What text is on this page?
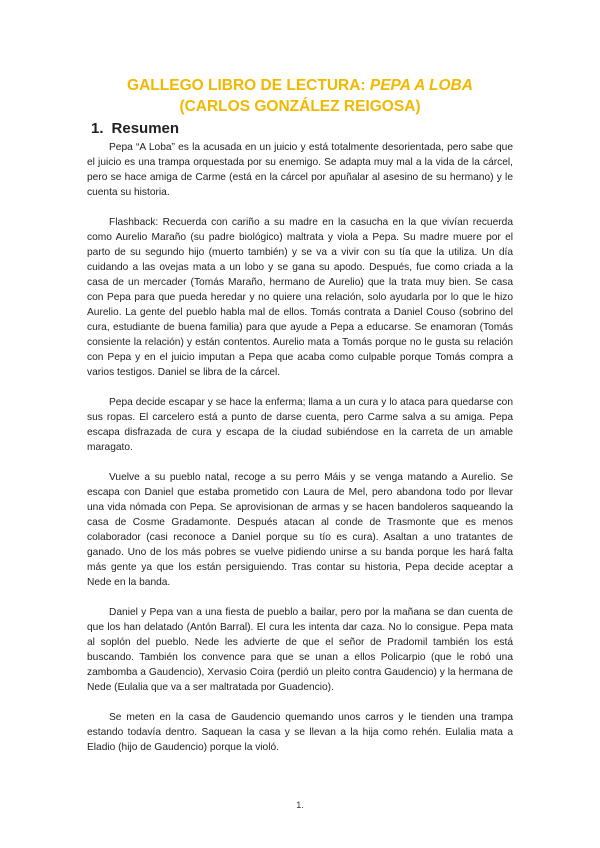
GALLEGO LIBRO DE LECTURA: PEPA A LOBA
(CARLOS GONZÁLEZ REIGOSA)
1. Resumen

Pepa “A Loba” es la acusada en un juicio y está totalmente desorientada, pero sabe que el juicio es una trampa orquestada por su enemigo. Se adapta muy mal a la vida de la cárcel, pero se hace amiga de Carme (está en la cárcel por apuñalar al asesino de su hermano) y le cuenta su historia.

Flashback: Recuerda con cariño a su madre en la casucha en la que vivían recuerda como Aurelio Marаño (su padre biológico) maltrata y viola a Pepa. Su madre muere por el parto de su segundo hijo (muerto también) y se va a vivir con su tía que la utiliza. Un día cuidando a las ovejas mata a un lobo y se gana su apodo. Después, fue como criada a la casa de un mercader (Tomás Marаño, hermano de Aurelio) que la trata muy bien. Se casa con Pepa para que pueda heredar y no quiere una relación, solo ayudarla por lo que le hizo Aurelio. La gente del pueblo habla mal de ellos. Tomás contrata a Daniel Couso (sobrino del cura, estudiante de buena familia) para que ayude a Pepa a educarse. Se enamoran (Tomás consiente la relación) y están contentos. Aurelio mata a Tomás porque no le gusta su relación con Pepa y en el juicio imputan a Pepa que acaba como culpable porque Tomás compra a varios testigos. Daniel se libra de la cárcel.

Pepa decide escapar y se hace la enferma; llama a un cura y lo ataca para quedarse con sus ropas. El carcelero está a punto de darse cuenta, pero Carme salva a su amiga. Pepa escapa disfrazada de cura y escapa de la ciudad subiéndose en la carreta de un amable maragato.

Vuelve a su pueblo natal, recoge a su perro Máis y se venga matando a Aurelio. Se escapa con Daniel que estaba prometido con Laura de Mel, pero abandona todo por llevar una vida nómada con Pepa. Se aprovisionan de armas y se hacen bandoleros saqueando la casa de Cosme Gradamonte. Después atacan al conde de Trasmonte que es menos colaborador (casi reconoce a Daniel porque su tío es cura). Asaltan a uno tratantes de ganado. Uno de los más pobres se vuelve pidiendo unirse a su banda porque les hará falta más gente ya que los están persiguiendo. Tras contar su historia, Pepa decide aceptar a Nede en la banda.

Daniel y Pepa van a una fiesta de pueblo a bailar, pero por la mañana se dan cuenta de que los han delatado (Antón Barral). El cura les intenta dar caza. No lo consigue. Pepa mata al soplón del pueblo. Nede les advierte de que el señor de Pradomil también los está buscando. También los convence para que se unan a ellos Policarpio (que le robó una zambomba a Gaudencio), Xervasio Coira (perdió un pleito contra Gaudencio) y la hermana de Nede (Eulalia que va a ser maltratada por Guadencio).

Se meten en la casa de Gaudencio quemando unos carros y le tienden una trampa estando todavía dentro. Saquean la casa y se llevan a la hija como rehén. Eulalia mata a Eladio (hijo de Gaudencio) porque la violó.

1.
